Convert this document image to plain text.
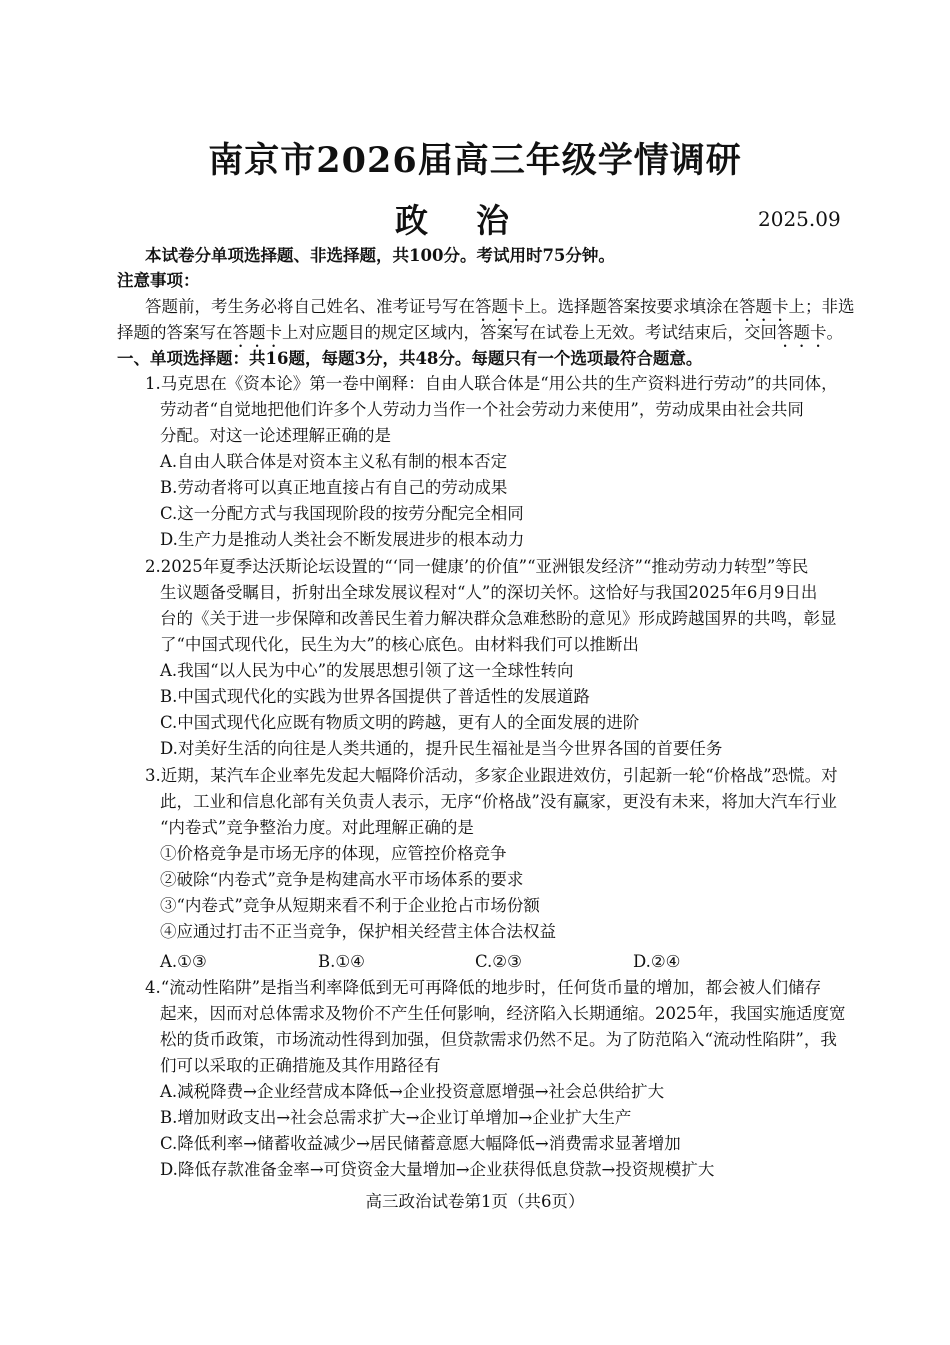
南京市2026届高三年级学情调研
政治	2025.09
本试卷分单项选择题、非选择题，共100分。考试用时75分钟。
注意事项：
答题前，考生务必将自己姓名、准考证号写在答题卡上。选择题答案按要求填涂在答题卡上；非选
择题的答案写在答题卡上对应题目的规定区域内，答案写在试卷上无效。考试结束后，交回答题卡。
一、单项选择题：共16题，每题3分，共48分。每题只有一个选项最符合题意。
1.马克思在《资本论》第一卷中阐释：自由人联合体是“用公共的生产资料进行劳动”的共同体，
劳动者“自觉地把他们许多个人劳动力当作一个社会劳动力来使用”，劳动成果由社会共同
分配。对这一论述理解正确的是
A.自由人联合体是对资本主义私有制的根本否定
B.劳动者将可以真正地直接占有自己的劳动成果
C.这一分配方式与我国现阶段的按劳分配完全相同
D.生产力是推动人类社会不断发展进步的根本动力
2.2025年夏季达沃斯论坛设置的“‘同一健康’的价值”“亚洲银发经济”“推动劳动力转型”等民
生议题备受瞩目，折射出全球发展议程对“人”的深切关怀。这恰好与我国2025年6月9日出
台的《关于进一步保障和改善民生着力解决群众急难愁盼的意见》形成跨越国界的共鸣，彰显
了“中国式现代化，民生为大”的核心底色。由材料我们可以推断出
A.我国“以人民为中心”的发展思想引领了这一全球性转向
B.中国式现代化的实践为世界各国提供了普适性的发展道路
C.中国式现代化应既有物质文明的跨越，更有人的全面发展的进阶
D.对美好生活的向往是人类共通的，提升民生福祉是当今世界各国的首要任务
3.近期，某汽车企业率先发起大幅降价活动，多家企业跟进效仿，引起新一轮“价格战”恐慌。对
此，工业和信息化部有关负责人表示，无序“价格战”没有赢家，更没有未来，将加大汽车行业
“内卷式”竞争整治力度。对此理解正确的是
①价格竞争是市场无序的体现，应管控价格竞争
②破除“内卷式”竞争是构建高水平市场体系的要求
③“内卷式”竞争从短期来看不利于企业抢占市场份额
④应通过打击不正当竞争，保护相关经营主体合法权益
A.①③	B.①④	C.②③	D.②④
4.“流动性陷阱”是指当利率降低到无可再降低的地步时，任何货币量的增加，都会被人们储存
起来，因而对总体需求及物价不产生任何影响，经济陷入长期通缩。2025年，我国实施适度宽
松的货币政策，市场流动性得到加强，但贷款需求仍然不足。为了防范陷入“流动性陷阱”，我
们可以采取的正确措施及其作用路径有
A.减税降费→企业经营成本降低→企业投资意愿增强→社会总供给扩大
B.增加财政支出→社会总需求扩大→企业订单增加→企业扩大生产
C.降低利率→储蓄收益减少→居民储蓄意愿大幅降低→消费需求显著增加
D.降低存款准备金率→可贷资金大量增加→企业获得低息贷款→投资规模扩大
高三政治试卷第1页（共6页）
